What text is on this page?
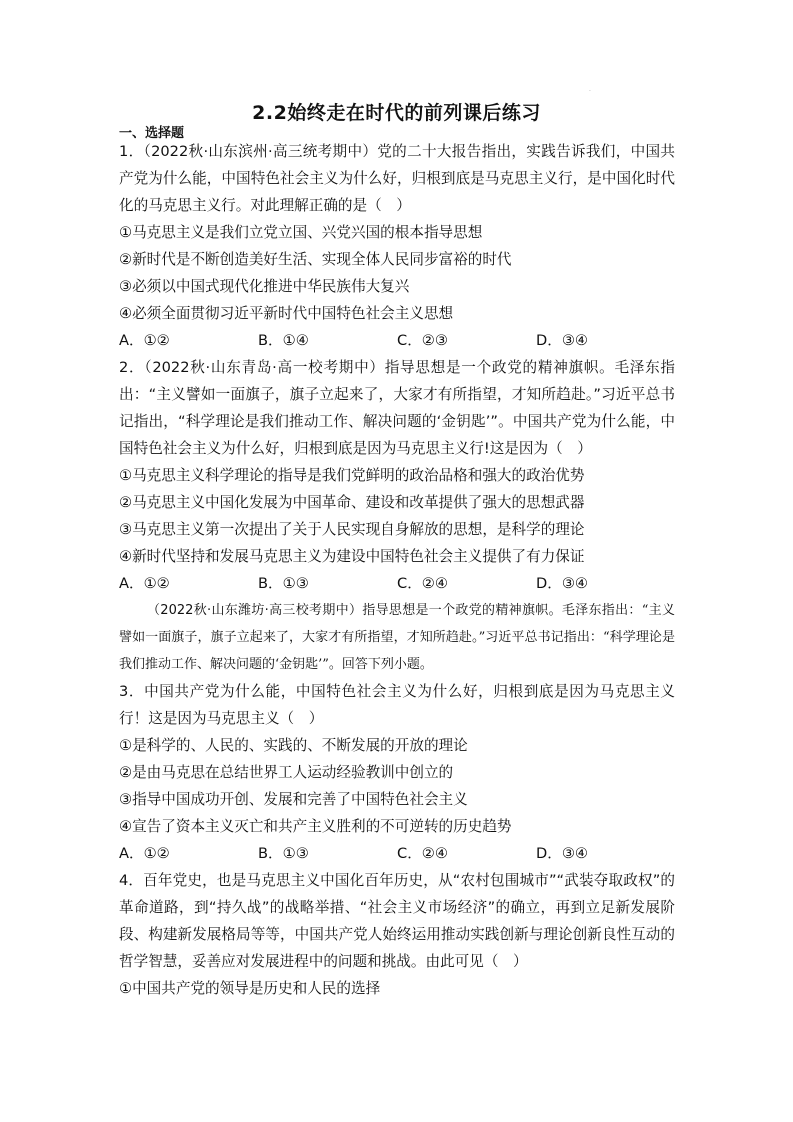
·
2.2始终走在时代的前列课后练习
一、选择题

1．（2022秋·山东滨州·高三统考期中）党的二十大报告指出，实践告诉我们，中国共产党为什么能，中国特色社会主义为什么好，归根到底是马克思主义行，是中国化时代化的马克思主义行。对此理解正确的是（　）

①马克思主义是我们立党立国、兴党兴国的根本指导思想

②新时代是不断创造美好生活、实现全体人民同步富裕的时代

③必须以中国式现代化推进中华民族伟大复兴

④必须全面贯彻习近平新时代中国特色社会主义思想

A．①②	B．①④	C．②③	D．③④

2．（2022秋·山东青岛·高一校考期中）指导思想是一个政党的精神旗帜。毛泽东指出：“主义譬如一面旗子，旗子立起来了，大家才有所指望，才知所趋赴。”习近平总书记指出，“科学理论是我们推动工作、解决问题的‘金钥匙’”。中国共产党为什么能，中国特色社会主义为什么好，归根到底是因为马克思主义行!这是因为（　）

①马克思主义科学理论的指导是我们党鲜明的政治品格和强大的政治优势

②马克思主义中国化发展为中国革命、建设和改革提供了强大的思想武器

③马克思主义第一次提出了关于人民实现自身解放的思想，是科学的理论

④新时代坚持和发展马克思主义为建设中国特色社会主义提供了有力保证

A．①②	B．①③	C．②④	D．③④

（2022秋·山东潍坊·高三校考期中）指导思想是一个政党的精神旗帜。毛泽东指出：“主义譬如一面旗子，旗子立起来了，大家才有所指望，才知所趋赴。”习近平总书记指出：“科学理论是我们推动工作、解决问题的‘金钥匙’”。回答下列小题。

3．中国共产党为什么能，中国特色社会主义为什么好，归根到底是因为马克思主义行！这是因为马克思主义（　）

①是科学的、人民的、实践的、不断发展的开放的理论

②是由马克思在总结世界工人运动经验教训中创立的

③指导中国成功开创、发展和完善了中国特色社会主义

④宣告了资本主义灭亡和共产主义胜利的不可逆转的历史趋势

A．①②	B．①③	C．②④	D．③④

4．百年党史，也是马克思主义中国化百年历史，从“农村包围城市”“武装夺取政权”的革命道路，到“持久战”的战略举措、“社会主义市场经济”的确立，再到立足新发展阶段、构建新发展格局等等，中国共产党人始终运用推动实践创新与理论创新良性互动的哲学智慧，妥善应对发展进程中的问题和挑战。由此可见（　）

①中国共产党的领导是历史和人民的选择
